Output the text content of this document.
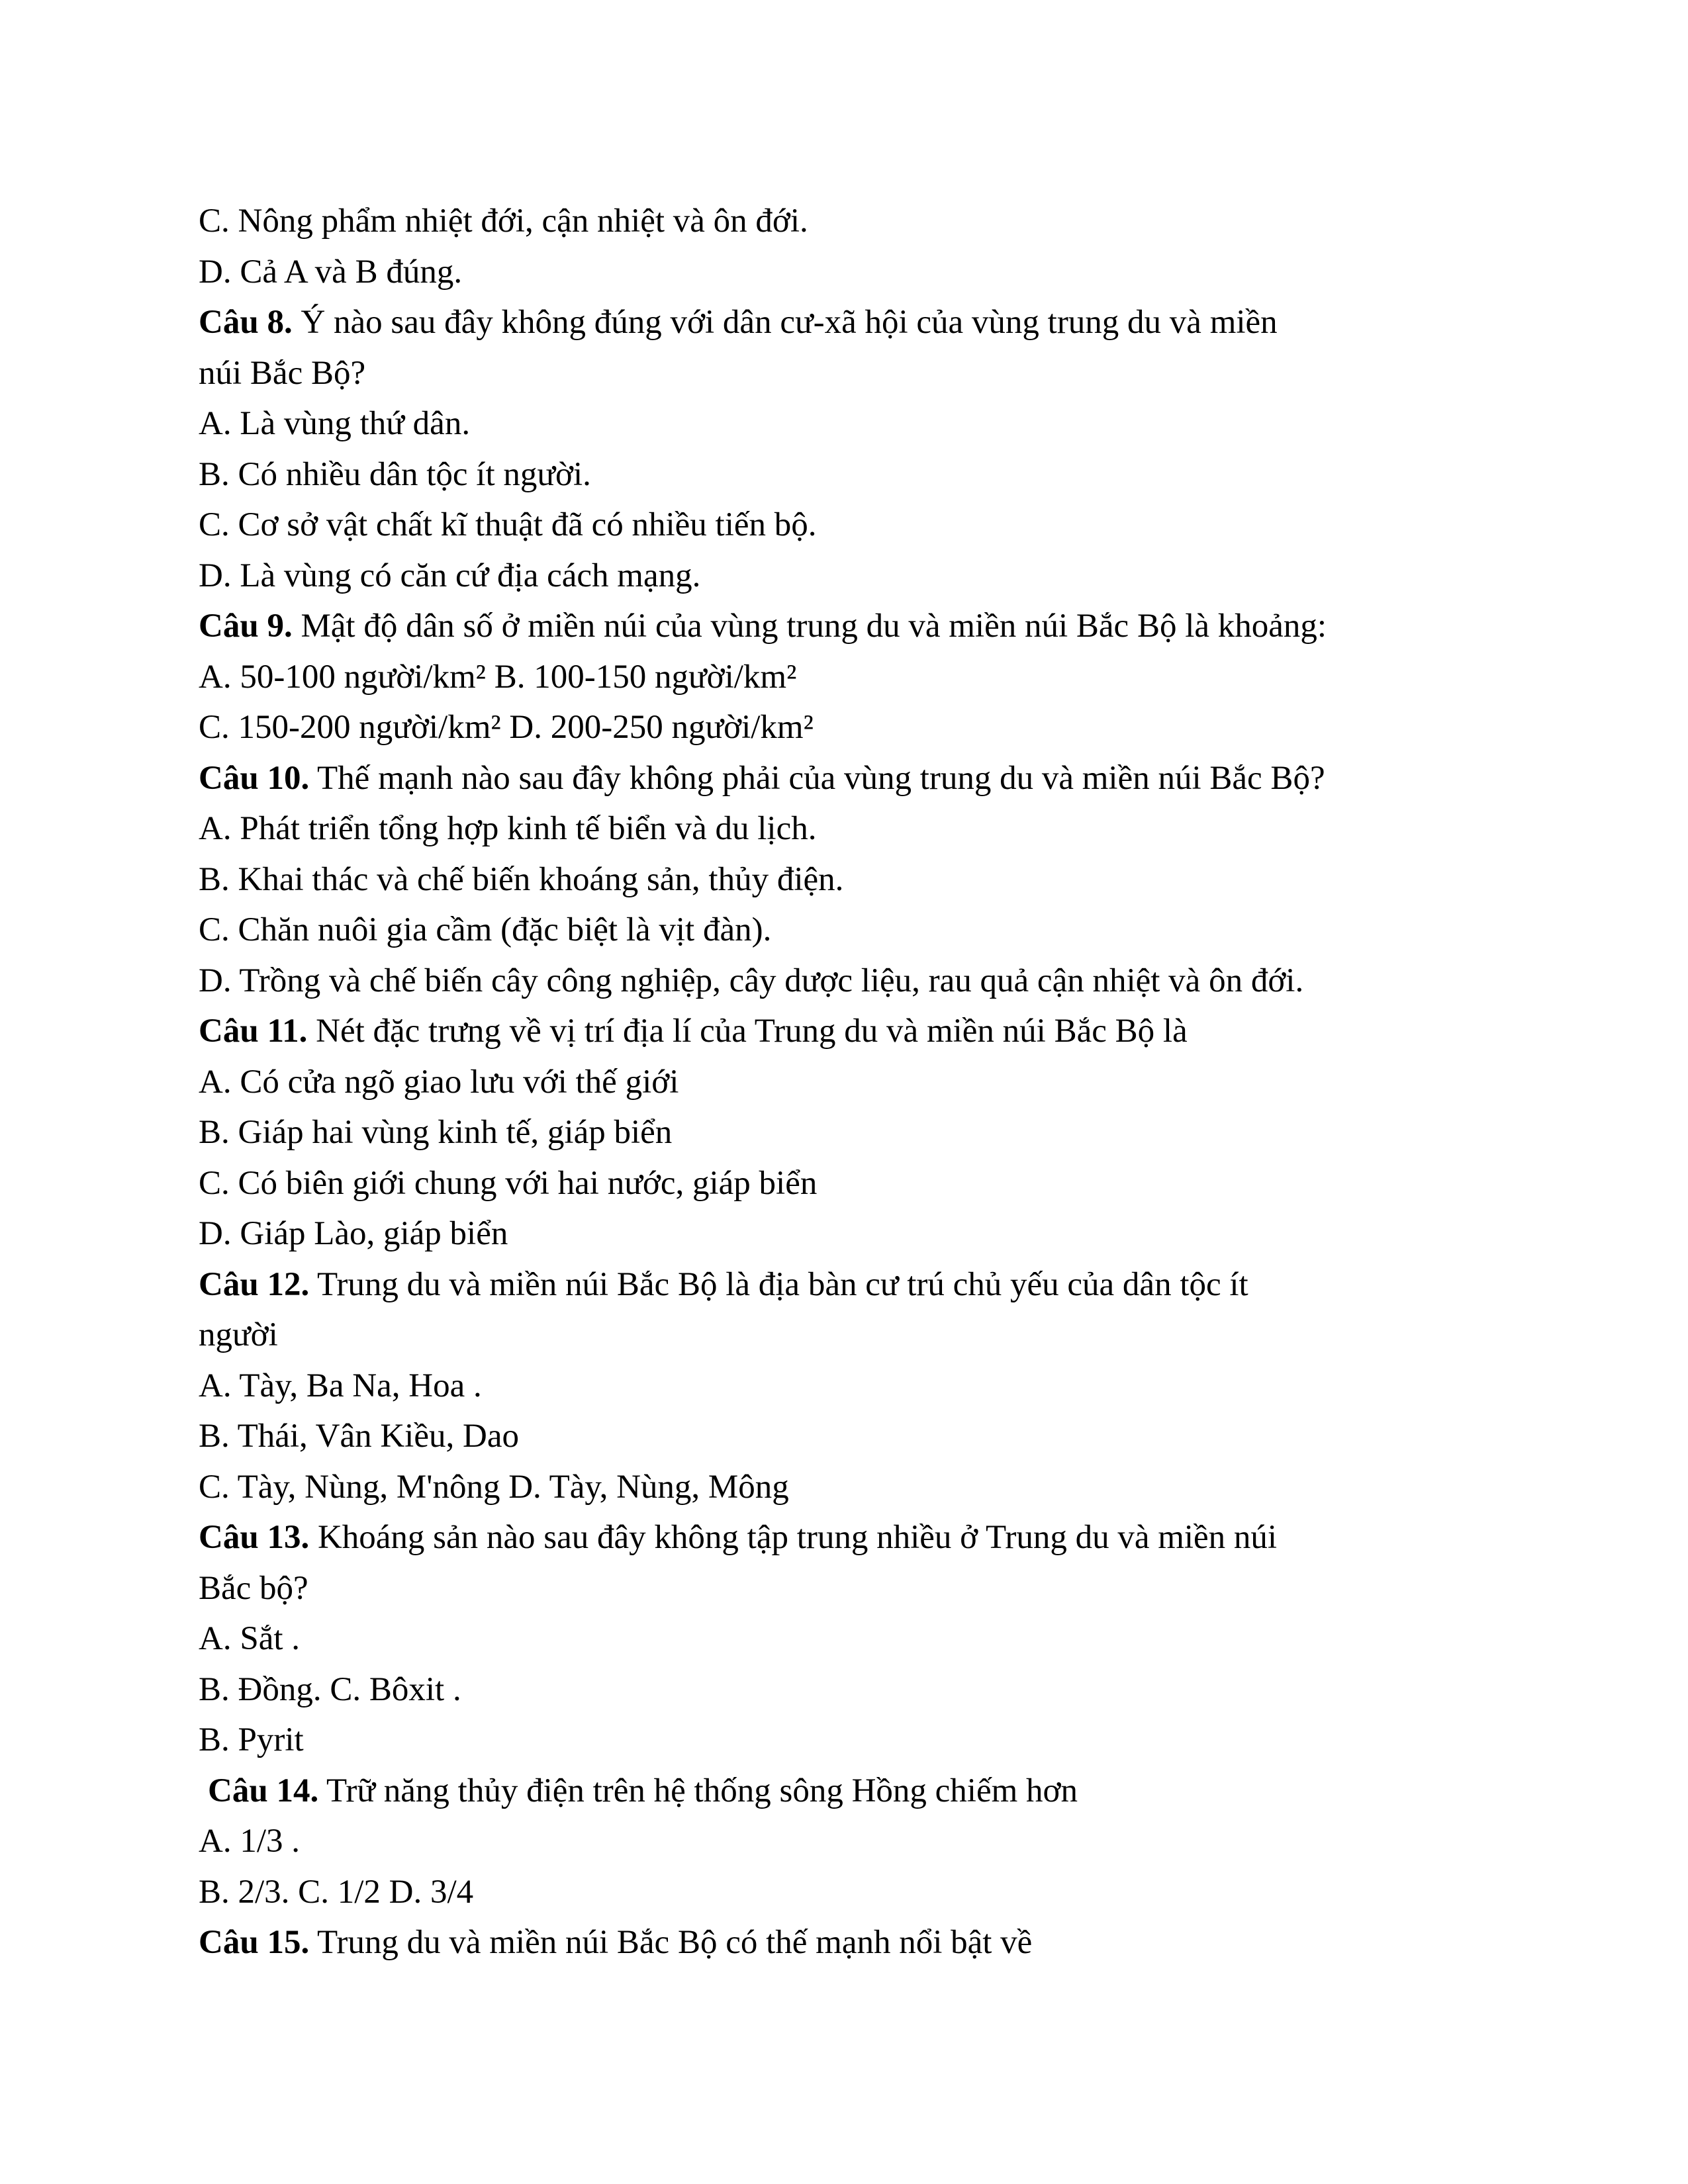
C. Nông phẩm nhiệt đới, cận nhiệt và ôn đới.

D. Cả A và B đúng.

Câu 8. Ý nào sau đây không đúng với dân cư-xã hội của vùng trung du và miền

núi Bắc Bộ?

A. Là vùng thứ dân.

B. Có nhiều dân tộc ít người.

C. Cơ sở vật chất kĩ thuật đã có nhiều tiến bộ.

D. Là vùng có căn cứ địa cách mạng.

Câu 9. Mật độ dân số ở miền núi của vùng trung du và miền núi Bắc Bộ là khoảng:

A. 50-100 người/km² B. 100-150 người/km²

C. 150-200 người/km² D. 200-250 người/km²

Câu 10. Thế mạnh nào sau đây không phải của vùng trung du và miền núi Bắc Bộ?

A. Phát triển tổng hợp kinh tế biển và du lịch.

B. Khai thác và chế biến khoáng sản, thủy điện.

C. Chăn nuôi gia cầm (đặc biệt là vịt đàn).

D. Trồng và chế biến cây công nghiệp, cây dược liệu, rau quả cận nhiệt và ôn đới.

Câu 11. Nét đặc trưng về vị trí địa lí của Trung du và miền núi Bắc Bộ là

A. Có cửa ngõ giao lưu với thế giới

B. Giáp hai vùng kinh tế, giáp biển

C. Có biên giới chung với hai nước, giáp biển

D. Giáp Lào, giáp biển

Câu 12. Trung du và miền núi Bắc Bộ là địa bàn cư trú chủ yếu của dân tộc ít

người

A. Tày, Ba Na, Hoa .

B. Thái, Vân Kiều, Dao

C. Tày, Nùng, M'nông D. Tày, Nùng, Mông

Câu 13. Khoáng sản nào sau đây không tập trung nhiều ở Trung du và miền núi

Bắc bộ?

A. Sắt .

B. Đồng. C. Bôxit .

B. Pyrit

Câu 14. Trữ năng thủy điện trên hệ thống sông Hồng chiếm hơn

A. 1/3 .

B. 2/3. C. 1/2 D. 3/4

Câu 15. Trung du và miền núi Bắc Bộ có thế mạnh nổi bật về
